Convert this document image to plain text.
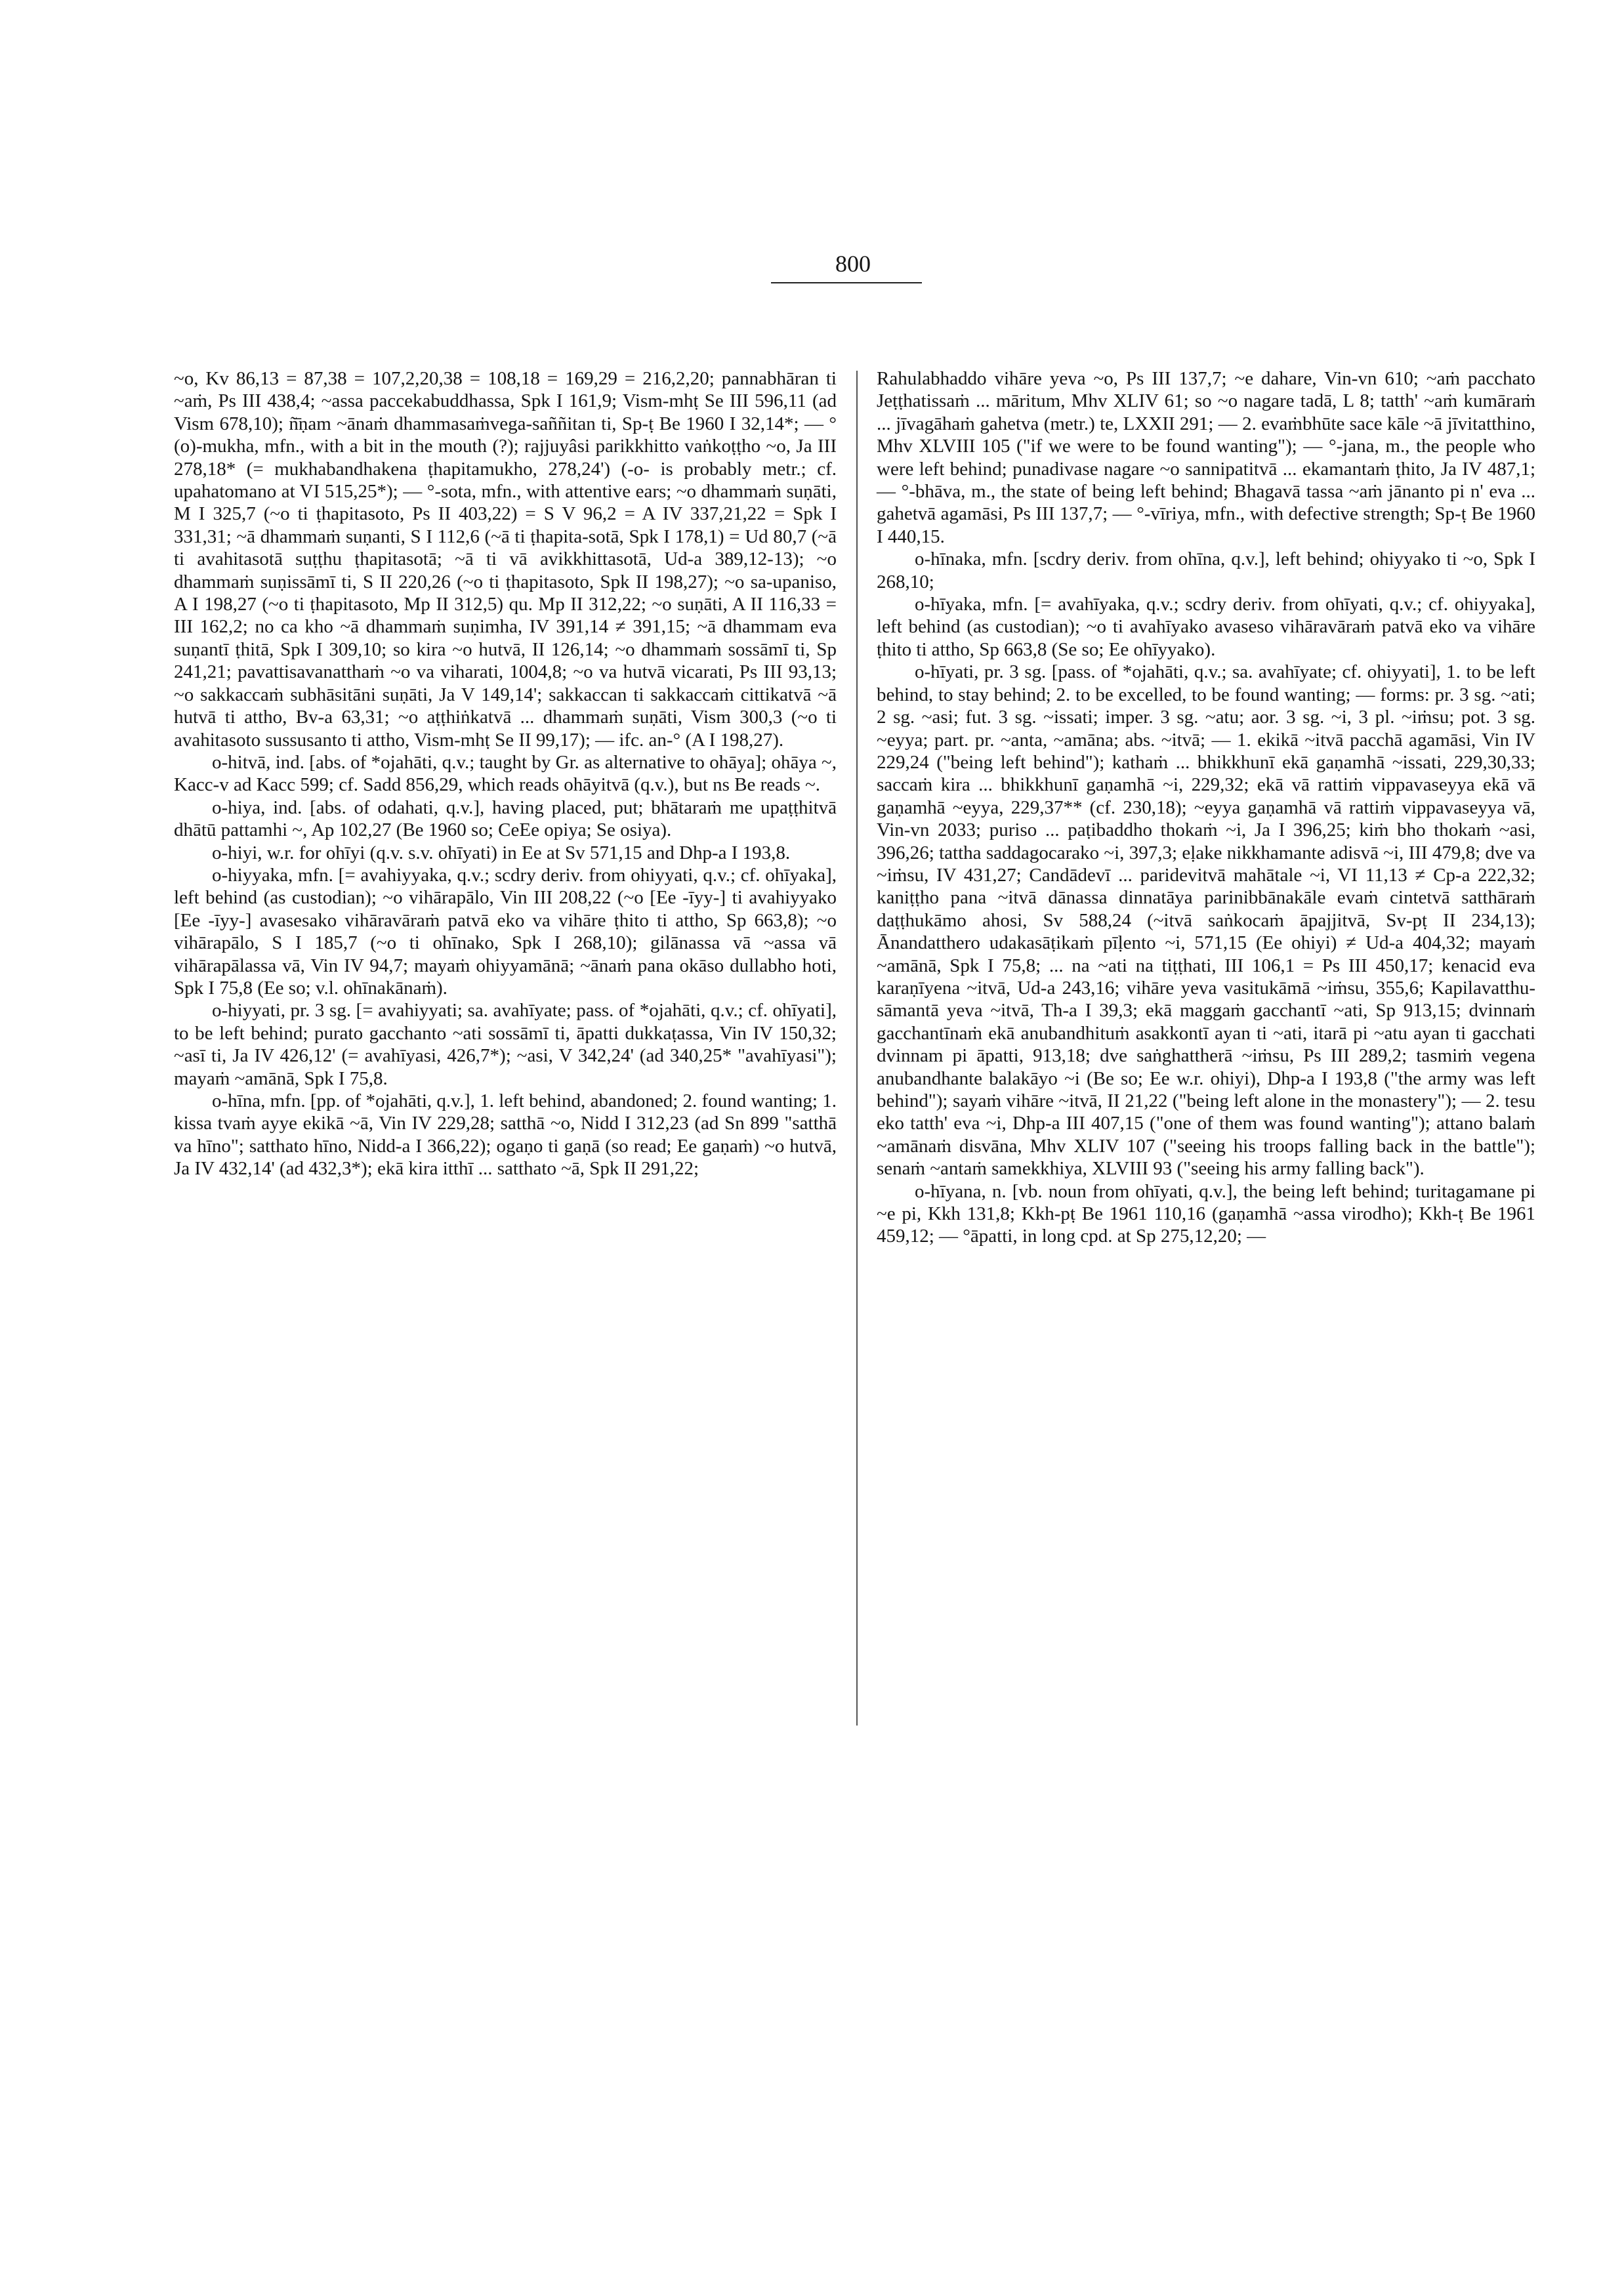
800

~o, Kv 86,13 = 87,38 = 107,2,20,38 = 108,18 = 169,29 = 216,2,20; pannabhāran ti ~aṁ, Ps III 438,4; ~assa paccekabuddhassa, Spk I 161,9; Vism-mhṭ Se III 596,11 (ad Vism 678,10); ñ̄ṇam ~ānaṁ dhammasaṁvega-saññitan ti, Sp-ṭ Be 1960 I 32,14*; — °(o)-mukha, mfn., with a bit in the mouth (?); rajjuyâsi parikkhitto vaṅkoṭṭho ~o, Ja III 278,18* (= mukhabandhakena ṭhapitamukho, 278,24') (-o- is probably metr.; cf. upahatomano at VI 515,25*); — °-sota, mfn., with attentive ears; ~o dhammaṁ suṇāti, M I 325,7 (~o ti ṭhapitasoto, Ps II 403,22) = S V 96,2 = A IV 337,21,22 = Spk I 331,31; ~ā dhammaṁ suṇanti, S I 112,6 (~ā ti ṭhapita-sotā, Spk I 178,1) = Ud 80,7 (~ā ti avahitasotā suṭṭhu ṭhapitasotā; ~ā ti vā avikkhittasotā, Ud-a 389,12-13); ~o dhammaṁ suṇissāmī ti, S II 220,26 (~o ti ṭhapitasoto, Spk II 198,27); ~o sa-upaniso, A I 198,27 (~o ti ṭhapitasoto, Mp II 312,5) qu. Mp II 312,22; ~o suṇāti, A II 116,33 = III 162,2; no ca kho ~ā dhammaṁ suṇimha, IV 391,14 ≠ 391,15; ~ā dhammam eva suṇantī ṭhitā, Spk I 309,10; so kira ~o hutvā, II 126,14; ~o dhammaṁ sossāmī ti, Sp 241,21; pavattisavanatthaṁ ~o va viharati, 1004,8; ~o va hutvā vicarati, Ps III 93,13; ~o sakkaccaṁ subhāsitāni suṇāti, Ja V 149,14'; sakkaccan ti sakkaccaṁ cittikatvā ~ā hutvā ti attho, Bv-a 63,31; ~o aṭṭhiṅkatvā ... dhammaṁ suṇāti, Vism 300,3 (~o ti avahitasoto sussusanto ti attho, Vism-mhṭ Se II 99,17); — ifc. an-° (A I 198,27).

o-hitvā, ind. [abs. of *ojahāti, q.v.; taught by Gr. as alternative to ohāya]; ohāya ~, Kacc-v ad Kacc 599; cf. Sadd 856,29, which reads ohāyitvā (q.v.), but ns Be reads ~.

o-hiya, ind. [abs. of odahati, q.v.], having placed, put; bhātaraṁ me upaṭṭhitvā dhātū pattamhi ~, Ap 102,27 (Be 1960 so; CeEe opiya; Se osiya).

o-hiyi, w.r. for ohīyi (q.v. s.v. ohīyati) in Ee at Sv 571,15 and Dhp-a I 193,8.

o-hiyyaka, mfn. [= avahiyyaka, q.v.; scdry deriv. from ohiyyati, q.v.; cf. ohīyaka], left behind (as custodian); ~o vihārapālo, Vin III 208,22 (~o [Ee -īyy-] ti avahiyyako [Ee -īyy-] avasesako vihāravāraṁ patvā eko va vihāre ṭhito ti attho, Sp 663,8); ~o vihārapālo, S I 185,7 (~o ti ohīnako, Spk I 268,10); gilānassa vā ~assa vā vihārapālassa vā, Vin IV 94,7; mayaṁ ohiyyamānā; ~ānaṁ pana okāso dullabho hoti, Spk I 75,8 (Ee so; v.l. ohīnakānaṁ).

o-hiyyati, pr. 3 sg. [= avahiyyati; sa. avahīyate; pass. of *ojahāti, q.v.; cf. ohīyati], to be left behind; purato gacchanto ~ati sossāmī ti, āpatti dukkaṭassa, Vin IV 150,32; ~asī ti, Ja IV 426,12' (= avahīyasi, 426,7*); ~asi, V 342,24' (ad 340,25* "avahīyasi"); mayaṁ ~amānā, Spk I 75,8.

o-hīna, mfn. [pp. of *ojahāti, q.v.], 1. left behind, abandoned; 2. found wanting; 1. kissa tvaṁ ayye ekikā ~ā, Vin IV 229,28; satthā ~o, Nidd I 312,23 (ad Sn 899 "satthā va hīno"; satthato hīno, Nidd-a I 366,22); ogaṇo ti gaṇā (so read; Ee gaṇaṁ) ~o hutvā, Ja IV 432,14' (ad 432,3*); ekā kira itthī ... satthato ~ā, Spk II 291,22;

Rahulabhaddo vihāre yeva ~o, Ps III 137,7; ~e dahare, Vin-vn 610; ~aṁ pacchato Jeṭṭhatissaṁ ... māritum, Mhv XLIV 61; so ~o nagare tadā, L 8; tatth' ~aṁ kumāraṁ ... jīvagāhaṁ gahetva (metr.) te, LXXII 291; — 2. evaṁbhūte sace kāle ~ā jīvitatthino, Mhv XLVIII 105 ("if we were to be found wanting"); — °-jana, m., the people who were left behind; punadivase nagare ~o sannipatitvā ... ekamantaṁ ṭhito, Ja IV 487,1; — °-bhāva, m., the state of being left behind; Bhagavā tassa ~aṁ jānanto pi n' eva ... gahetvā agamāsi, Ps III 137,7; — °-vīriya, mfn., with defective strength; Sp-ṭ Be 1960 I 440,15.

o-hīnaka, mfn. [scdry deriv. from ohīna, q.v.], left behind; ohiyyako ti ~o, Spk I 268,10;

o-hīyaka, mfn. [= avahīyaka, q.v.; scdry deriv. from ohīyati, q.v.; cf. ohiyyaka], left behind (as custodian); ~o ti avahīyako avaseso vihāravāraṁ patvā eko va vihāre ṭhito ti attho, Sp 663,8 (Se so; Ee ohīyyako).

o-hīyati, pr. 3 sg. [pass. of *ojahāti, q.v.; sa. avahīyate; cf. ohiyyati], 1. to be left behind, to stay behind; 2. to be excelled, to be found wanting; — forms: pr. 3 sg. ~ati; 2 sg. ~asi; fut. 3 sg. ~issati; imper. 3 sg. ~atu; aor. 3 sg. ~i, 3 pl. ~iṁsu; pot. 3 sg. ~eyya; part. pr. ~anta, ~amāna; abs. ~itvā; — 1. ekikā ~itvā pacchā agamāsi, Vin IV 229,24 ("being left behind"); kathaṁ ... bhikkhunī ekā gaṇamhā ~issati, 229,30,33; saccaṁ kira ... bhikkhunī gaṇamhā ~i, 229,32; ekā vā rattiṁ vippavaseyya ekā vā gaṇamhā ~eyya, 229,37** (cf. 230,18); ~eyya gaṇamhā vā rattiṁ vippavaseyya vā, Vin-vn 2033; puriso ... paṭibaddho thokaṁ ~i, Ja I 396,25; kiṁ bho thokaṁ ~asi, 396,26; tattha saddagocarako ~i, 397,3; eḷake nikkhamante adisvā ~i, III 479,8; dve va ~iṁsu, IV 431,27; Candādevī ... paridevitvā mahātale ~i, VI 11,13 ≠ Cp-a 222,32; kaniṭṭho pana ~itvā dānassa dinnatāya parinibbānakāle evaṁ cintetvā satthāraṁ daṭṭhukāmo ahosi, Sv 588,24 (~itvā saṅkocaṁ āpajjitvā, Sv-pṭ II 234,13); Ānandatthero udakasāṭikaṁ pīḷento ~i, 571,15 (Ee ohiyi) ≠ Ud-a 404,32; mayaṁ ~amānā, Spk I 75,8; ... na ~ati na tiṭṭhati, III 106,1 = Ps III 450,17; kenacid eva karaṇīyena ~itvā, Ud-a 243,16; vihāre yeva vasitukāmā ~iṁsu, 355,6; Kapilavatthu-sāmantā yeva ~itvā, Th-a I 39,3; ekā maggaṁ gacchantī ~ati, Sp 913,15; dvinnaṁ gacchantīnaṁ ekā anubandhituṁ asakkontī ayan ti ~ati, itarā pi ~atu ayan ti gacchati dvinnam pi āpatti, 913,18; dve saṅghattherā ~iṁsu, Ps III 289,2; tasmiṁ vegena anubandhante balakāyo ~i (Be so; Ee w.r. ohiyi), Dhp-a I 193,8 ("the army was left behind"); sayaṁ vihāre ~itvā, II 21,22 ("being left alone in the monastery"); — 2. tesu eko tatth' eva ~i, Dhp-a III 407,15 ("one of them was found wanting"); attano balaṁ ~amānaṁ disvāna, Mhv XLIV 107 ("seeing his troops falling back in the battle"); senaṁ ~antaṁ samekkhiya, XLVIII 93 ("seeing his army falling back").

o-hīyana, n. [vb. noun from ohīyati, q.v.], the being left behind; turitagamane pi ~e pi, Kkh 131,8; Kkh-pṭ Be 1961 110,16 (gaṇamhā ~assa virodho); Kkh-ṭ Be 1961 459,12; — °āpatti, in long cpd. at Sp 275,12,20; —
